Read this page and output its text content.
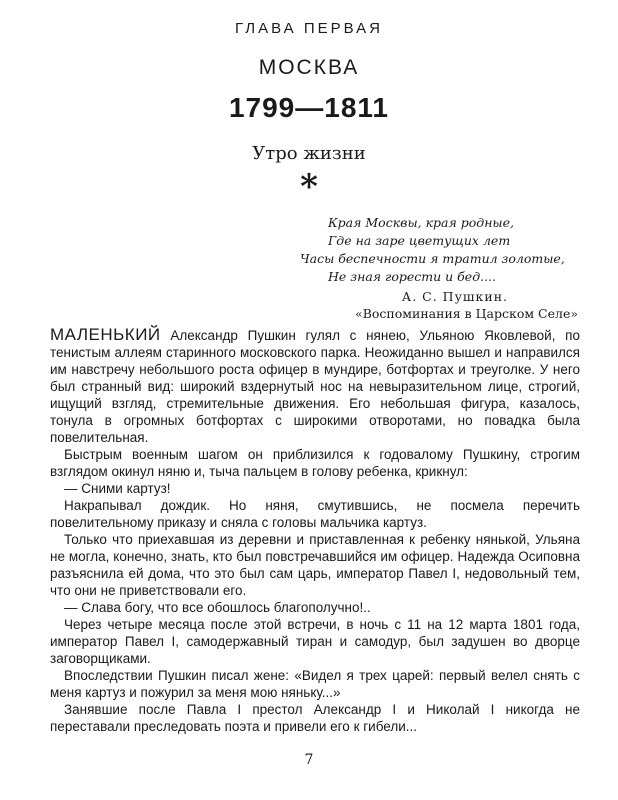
ГЛАВА ПЕРВАЯ
МОСКВА
1799—1811
Утро жизни
*
Края Москвы, края родные,
Где на заре цветущих лет
Часы беспечности я тратил золотые,
Не зная горести и бед....
А. С. Пушкин.
«Воспоминания в Царском Селе»

МАЛЕНЬКИЙ Александр Пушкин гулял с нянею, Ульяною Яковлевой, по тенистым аллеям старинного московского парка. Неожиданно вышел и направился им навстречу небольшого роста офицер в мундире, ботфортах и треуголке. У него был странный вид: широкий вздернутый нос на невыразительном лице, строгий, ищущий взгляд, стремительные движения. Его небольшая фигура, казалось, тонула в огромных ботфортах с широкими отворотами, но повадка была повелительная.

Быстрым военным шагом он приблизился к годовалому Пушкину, строгим взглядом окинул няню и, тыча пальцем в голову ребенка, крикнул:

— Сними картуз!

Накрапывал дождик. Но няня, смутившись, не посмела перечить повелительному приказу и сняла с головы мальчика картуз.

Только что приехавшая из деревни и приставленная к ребенку нянькой, Ульяна не могла, конечно, знать, кто был повстречавшийся им офицер. Надежда Осиповна разъяснила ей дома, что это был сам царь, император Павел I, недовольный тем, что они не приветствовали его.

— Слава богу, что все обошлось благополучно!..

Через четыре месяца после этой встречи, в ночь с 11 на 12 марта 1801 года, император Павел I, самодержавный тиран и самодур, был задушен во дворце заговорщиками.

Впоследствии Пушкин писал жене: «Видел я трех царей: первый велел снять с меня картуз и пожурил за меня мою няньку...»

Занявшие после Павла I престол Александр I и Николай I никогда не переставали преследовать поэта и привели его к гибели...

7
